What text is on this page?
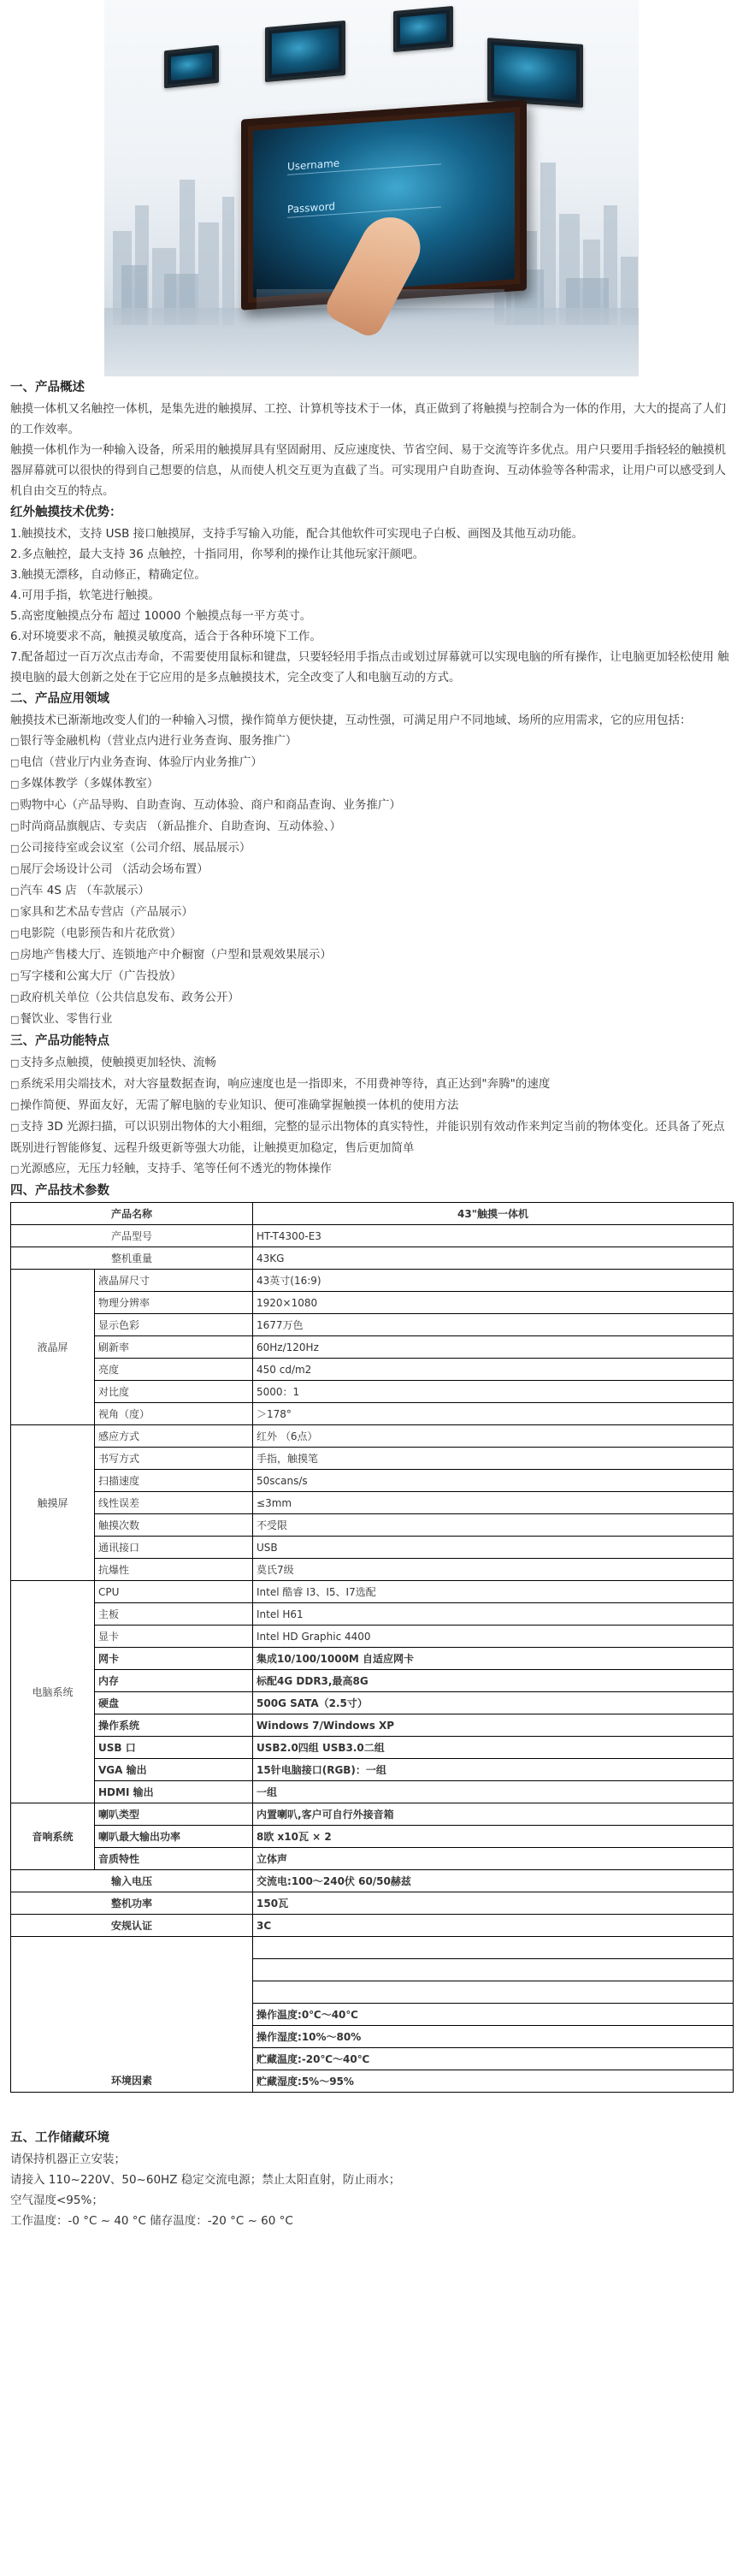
Username
Password

一、产品概述

触摸一体机又名触控一体机，是集先进的触摸屏、工控、计算机等技术于一体，真正做到了将触摸与控制合为一体的作用，大大的提高了人们的工作效率。

触摸一体机作为一种输入设备，所采用的触摸屏具有坚固耐用、反应速度快、节省空间、易于交流等许多优点。用户只要用手指轻轻的触摸机器屏幕就可以很快的得到自己想要的信息，从而使人机交互更为直截了当。可实现用户自助查询、互动体验等各种需求，让用户可以感受到人机自由交互的特点。

红外触摸技术优势：

1.触摸技术，支持 USB 接口触摸屏，支持手写输入功能，配合其他软件可实现电子白板、画图及其他互动功能。

2.多点触控，最大支持 36 点触控，十指同用，你琴利的操作让其他玩家汗颜吧。

3.触摸无漂移，自动修正，精确定位。

4.可用手指，软笔进行触摸。

5.高密度触摸点分布 超过 10000 个触摸点每一平方英寸。

6.对环境要求不高，触摸灵敏度高，适合于各种环境下工作。

7.配备超过一百万次点击寿命，不需要使用鼠标和键盘，只要轻轻用手指点击或划过屏幕就可以实现电脑的所有操作，让电脑更加轻松使用 触摸电脑的最大创新之处在于它应用的是多点触摸技术，完全改变了人和电脑互动的方式。

二、产品应用领域

触摸技术已渐渐地改变人们的一种输入习惯，操作简单方便快捷，互动性强，可满足用户不同地域、场所的应用需求，它的应用包括：

□ 银行等金融机构（营业点内进行业务查询、服务推广）

□ 电信（营业厅内业务查询、体验厅内业务推广）

□ 多媒体教学（多媒体教室）

□ 购物中心（产品导购、自助查询、互动体验、商户和商品查询、业务推广）

□ 时尚商品旗舰店、专卖店 （新品推介、自助查询、互动体验、）

□ 公司接待室或会议室（公司介绍、展品展示）

□ 展厅会场设计公司 （活动会场布置）

□ 汽车 4S 店 （车款展示）

□ 家具和艺术品专营店（产品展示）

□ 电影院（电影预告和片花欣赏）

□ 房地产售楼大厅、连锁地产中介橱窗（户型和景观效果展示）

□ 写字楼和公寓大厅（广告投放）

□ 政府机关单位（公共信息发布、政务公开）

□ 餐饮业、零售行业

三、产品功能特点

□ 支持多点触摸，使触摸更加轻快、流畅

□ 系统采用尖端技术，对大容量数据查询，响应速度也是一指即来，不用费神等待，真正达到"奔腾"的速度

□ 操作简便、界面友好，无需了解电脑的专业知识、便可准确掌握触摸一体机的使用方法

□ 支持 3D 光源扫描，可以识别出物体的大小粗细，完整的显示出物体的真实特性，并能识别有效动作来判定当前的物体变化。还具备了死点既别进行智能修复、远程升级更新等强大功能，让触摸更加稳定，售后更加简单

□ 光源感应，无压力轻触，支持手、笔等任何不透光的物体操作

四、产品技术参数

产品名称		43"触摸一体机
产品型号		HT-T4300-E3
整机重量		43KG
液晶屏	液晶屏尺寸	43英寸(16:9)
	物理分辨率	1920×1080
	显示色彩	1677万色
	刷新率	60Hz/120Hz
	亮度	450 cd/m2
	对比度	5000：1
	视角（度）	＞178°
触摸屏	感应方式	红外 （6点）
	书写方式	手指，触摸笔
	扫描速度	50scans/s
	线性误差	≤3mm
	触摸次数	不受限
	通讯接口	USB
	抗爆性	莫氏7级
电脑系统	CPU	Intel 酷睿 I3、I5、I7选配
	主板	Intel H61
	显卡	Intel HD Graphic 4400
	网卡	集成10/100/1000M 自适应网卡
	内存	标配4G DDR3,最高8G
	硬盘	500G SATA（2.5寸）
	操作系统	Windows 7/Windows XP
	USB 口	USB2.0四组 USB3.0二组
	VGA 输出	15针电脑接口(RGB)：一组
	HDMI 输出	一组
音响系统	喇叭类型	内置喇叭,客户可自行外接音箱
	喇叭最大输出功率	8欧 x10瓦 × 2
	音质特性	立体声
输入电压		交流电:100～240伏 60/50赫兹
整机功率		150瓦
安规认证		3C
环境因素		

		操作温度:0℃～40℃
		操作湿度:10%～80%
		贮藏温度:-20℃～40℃
		贮藏湿度:5%～95%

五、工作储藏环境

请保持机器正立安装；

请接入 110~220V、50~60HZ 稳定交流电源；禁止太阳直射，防止雨水；

空气湿度<95%；

工作温度：-0 °C ~ 40 °C 储存温度：-20 °C ~ 60 °C
